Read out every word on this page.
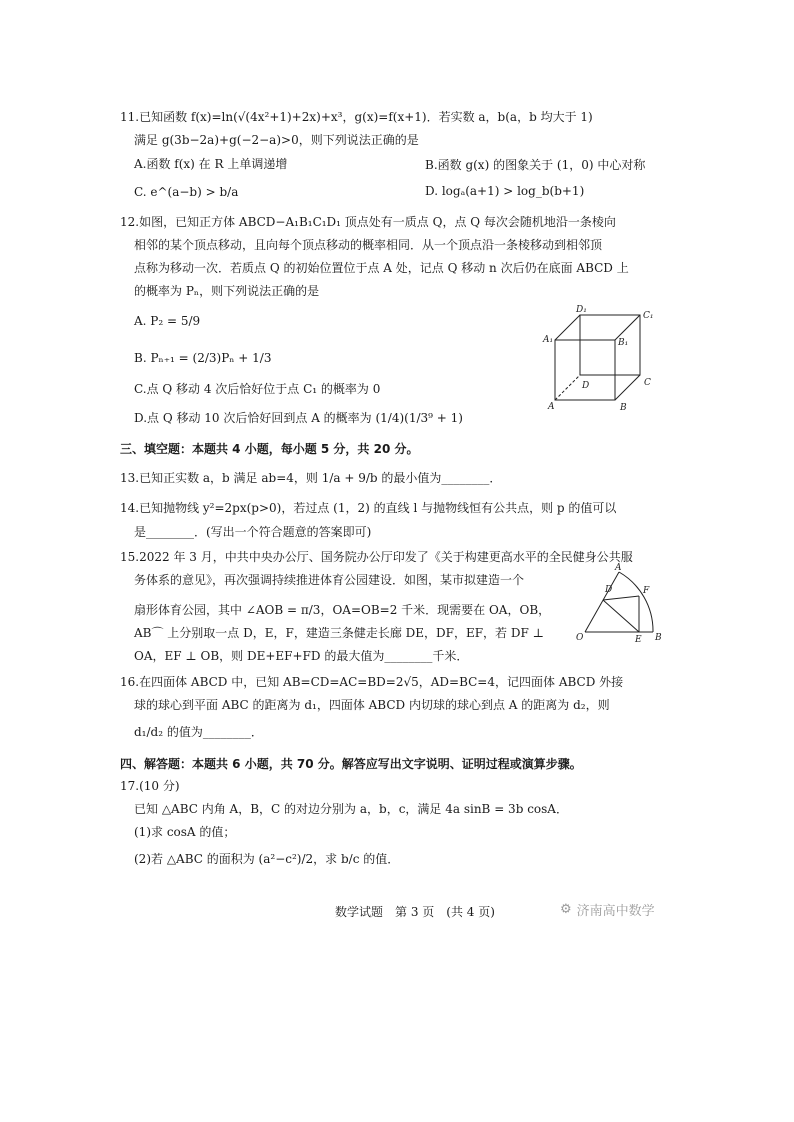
11.已知函数 f(x)=ln(√(4x²+1)+2x)+x³，g(x)=f(x+1)．若实数 a，b(a，b 均大于 1)
满足 g(3b−2a)+g(−2−a)>0，则下列说法正确的是
A.函数 f(x) 在 R 上单调递增	B.函数 g(x) 的图象关于 (1，0) 中心对称
C. e^(a−b) > b/a	D. logₐ(a+1) > log_b(b+1)
12.如图，已知正方体 ABCD−A₁B₁C₁D₁ 顶点处有一质点 Q，点 Q 每次会随机地沿一条棱向
相邻的某个顶点移动，且向每个顶点移动的概率相同．从一个顶点沿一条棱移动到相邻顶
点称为移动一次．若质点 Q 的初始位置位于点 A 处，记点 Q 移动 n 次后仍在底面 ABCD 上
的概率为 Pₙ，则下列说法正确的是
A. P₂ = 5/9
B. Pₙ₊₁ = (2/3)Pₙ + 1/3
C.点 Q 移动 4 次后恰好位于点 C₁ 的概率为 0
D.点 Q 移动 10 次后恰好回到点 A 的概率为 (1/4)(1/3⁹ + 1)
D₁
C₁
A₁	B₁
D	C
A	B
三、填空题：本题共 4 小题，每小题 5 分，共 20 分。
13.已知正实数 a，b 满足 ab=4，则 1/a + 9/b 的最小值为________．
14.已知抛物线 y²=2px(p>0)，若过点 (1，2) 的直线 l 与抛物线恒有公共点，则 p 的值可以
是________．(写出一个符合题意的答案即可)
15.2022 年 3 月，中共中央办公厅、国务院办公厅印发了《关于构建更高水平的全民健身公共服
务体系的意见》，再次强调持续推进体育公园建设．如图，某市拟建造一个
扇形体育公园，其中 ∠AOB = π/3，OA=OB=2 千米．现需要在 OA，OB，
AB⌒ 上分别取一点 D，E，F，建造三条健走长廊 DE，DF，EF，若 DF ⊥
OA，EF ⊥ OB，则 DE+EF+FD 的最大值为________千米．
A
D	F
O	E B
16.在四面体 ABCD 中，已知 AB=CD=AC=BD=2√5，AD=BC=4，记四面体 ABCD 外接
球的球心到平面 ABC 的距离为 d₁，四面体 ABCD 内切球的球心到点 A 的距离为 d₂，则
d₁/d₂ 的值为________．
四、解答题：本题共 6 小题，共 70 分。解答应写出文字说明、证明过程或演算步骤。
17.(10 分)
已知 △ABC 内角 A，B，C 的对边分别为 a，b，c，满足 4a sinB = 3b cosA．
(1)求 cosA 的值；
(2)若 △ABC 的面积为 (a²−c²)/2，求 b/c 的值．
数学试题　第 3 页　(共 4 页)	⚙ 济南高中数学
